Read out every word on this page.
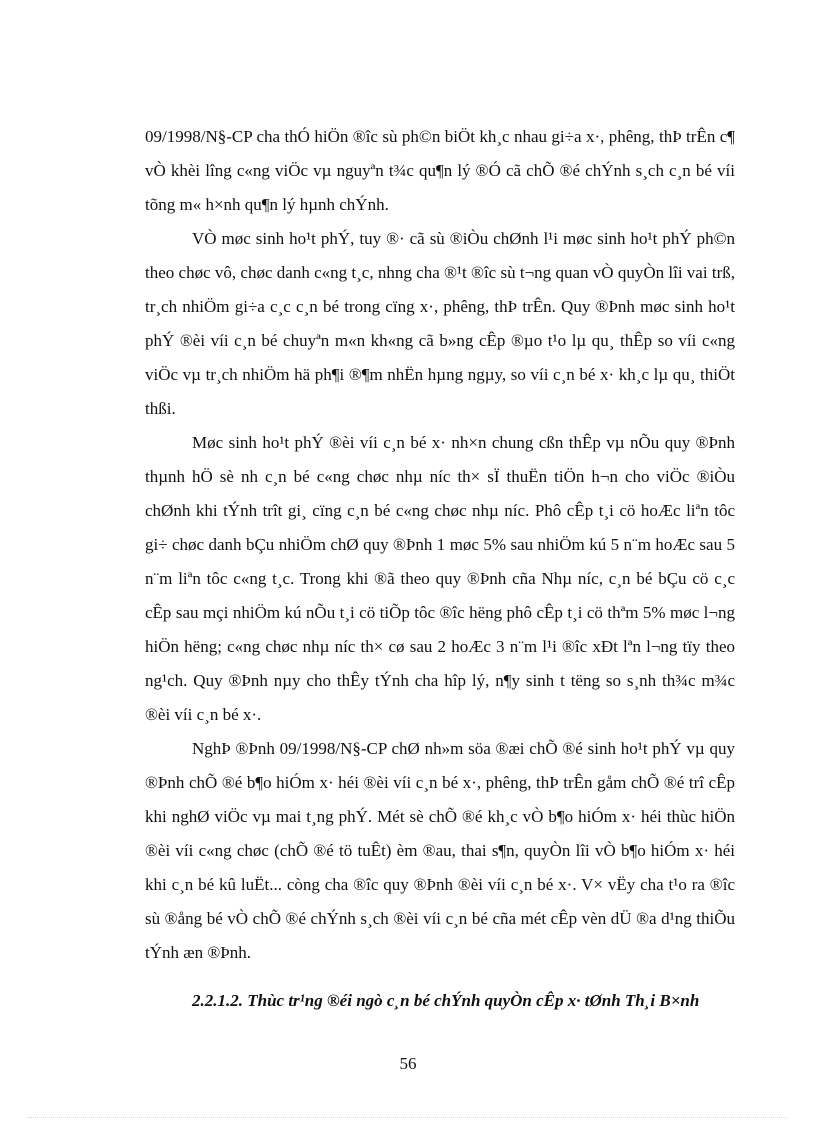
09/1998/N§-CP cha thÓ hiÖn ®îc sù ph©n biÖt kh¸c nhau gi÷a x·, phêng, thÞ trÊn c¶ vÒ khèi lîng c«ng viÖc vµ nguyªn t¾c qu¶n lý ®Ó cã chÕ ®é chÝnh s¸ch c¸n bé víi tõng m« h×nh qu¶n lý hµnh chÝnh.

VÒ møc sinh ho¹t phÝ, tuy ®· cã sù ®iÒu chØnh l¹i møc sinh ho¹t phÝ ph©n theo chøc vô, chøc danh c«ng t¸c, nhng cha ®¹t ®îc sù t¬ng quan vÒ quyÒn lîi vai trß, tr¸ch nhiÖm gi÷a c¸c c¸n bé trong cïng x·, phêng, thÞ trÊn. Quy ®Þnh møc sinh ho¹t phÝ ®èi víi c¸n bé chuyªn m«n kh«ng cã b»ng cÊp ®µo t¹o lµ qu¸ thÊp so víi c«ng viÖc vµ tr¸ch nhiÖm hä ph¶i ®¶m nhËn hµng ngµy, so víi c¸n bé x· kh¸c lµ qu¸ thiÖt thßi.

Møc sinh ho¹t phÝ ®èi víi c¸n bé x· nh×n chung cßn thÊp vµ nÕu quy ®Þnh thµnh hÖ sè nh c¸n bé c«ng chøc nhµ níc th× sÏ thuËn tiÖn h¬n cho viÖc ®iÒu chØnh khi tÝnh trît gi¸ cïng c¸n bé c«ng chøc nhµ níc. Phô cÊp t¸i cö hoÆc liªn tôc gi÷ chøc danh bÇu nhiÖm chØ quy ®Þnh 1 møc 5% sau nhiÖm kú 5 n¨m hoÆc sau 5 n¨m liªn tôc c«ng t¸c. Trong khi ®ã theo quy ®Þnh cña Nhµ níc, c¸n bé bÇu cö c¸c cÊp sau mçi nhiÖm kú nÕu t¸i cö tiÕp tôc ®îc hëng phô cÊp t¸i cö thªm 5% møc l¬ng hiÖn hëng; c«ng chøc nhµ níc th× cø sau 2 hoÆc 3 n¨m l¹i ®îc xÐt lªn l¬ng tïy theo ng¹ch. Quy ®Þnh nµy cho thÊy tÝnh cha hîp lý, n¶y sinh t tëng so s¸nh th¾c m¾c ®èi víi c¸n bé x·.

NghÞ ®Þnh 09/1998/N§-CP chØ nh»m söa ®æi chÕ ®é sinh ho¹t phÝ vµ quy ®Þnh chÕ ®é b¶o hiÓm x· héi ®èi víi c¸n bé x·, phêng, thÞ trÊn gåm chÕ ®é trî cÊp khi nghØ viÖc vµ mai t¸ng phÝ. Mét sè chÕ ®é kh¸c vÒ b¶o hiÓm x· héi thùc hiÖn ®èi víi c«ng chøc (chÕ ®é tö tuÊt) èm ®au, thai s¶n, quyÒn lîi vÒ b¶o hiÓm x· héi khi c¸n bé kû luËt... còng cha ®îc quy ®Þnh ®èi víi c¸n bé x·. V× vËy cha t¹o ra ®îc sù ®ång bé vÒ chÕ ®é chÝnh s¸ch ®èi víi c¸n bé cña mét cÊp vèn dÜ ®a d¹ng thiÕu tÝnh æn ®Þnh.

2.2.1.2. Thùc tr¹ng ®éi ngò c¸n bé chÝnh quyÒn cÊp x· tØnh Th¸i B×nh

56
